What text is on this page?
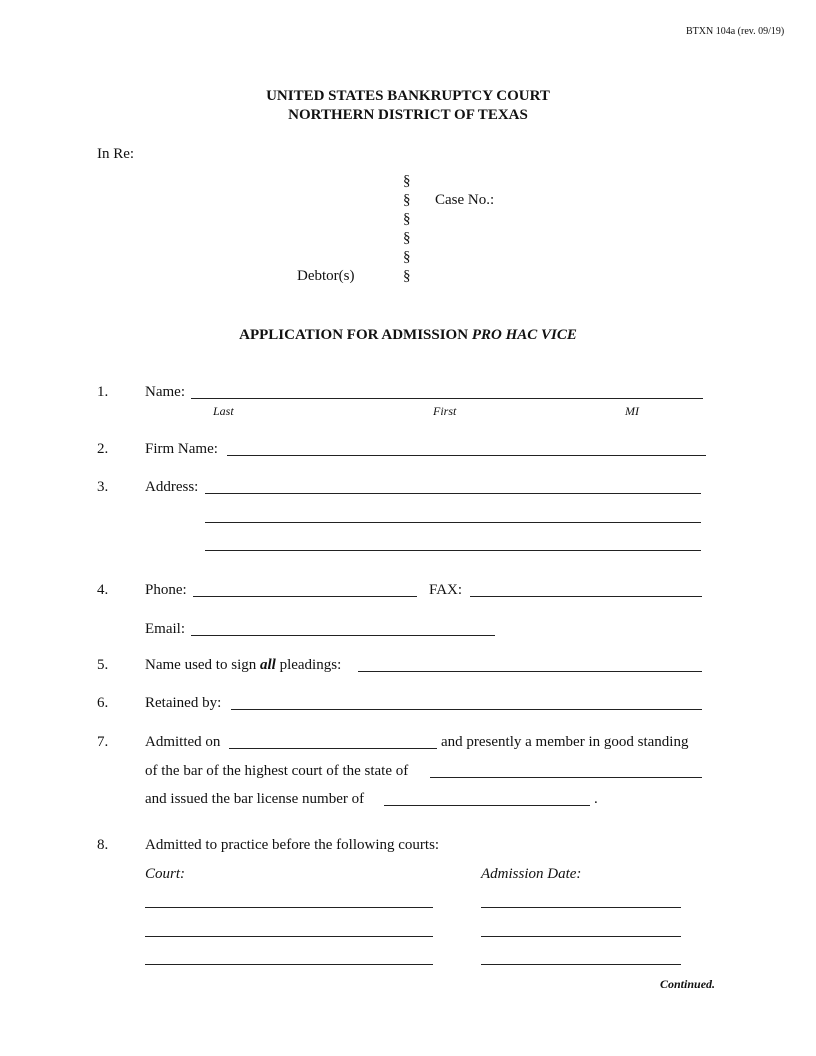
BTXN 104a (rev. 09/19)
UNITED STATES BANKRUPTCY COURT
NORTHERN DISTRICT OF TEXAS
In Re:
§
§
§
§
§
§
Case No.:
Debtor(s)
APPLICATION FOR ADMISSION PRO HAC VICE
1. Name:
Last	First	MI
2. Firm Name:
3. Address:
4. Phone:	FAX:
Email:
5. Name used to sign all pleadings:
6. Retained by:
7. Admitted on	and presently a member in good standing
of the bar of the highest court of the state of
and issued the bar license number of	.
8. Admitted to practice before the following courts:
Court:	Admission Date:
Continued.
